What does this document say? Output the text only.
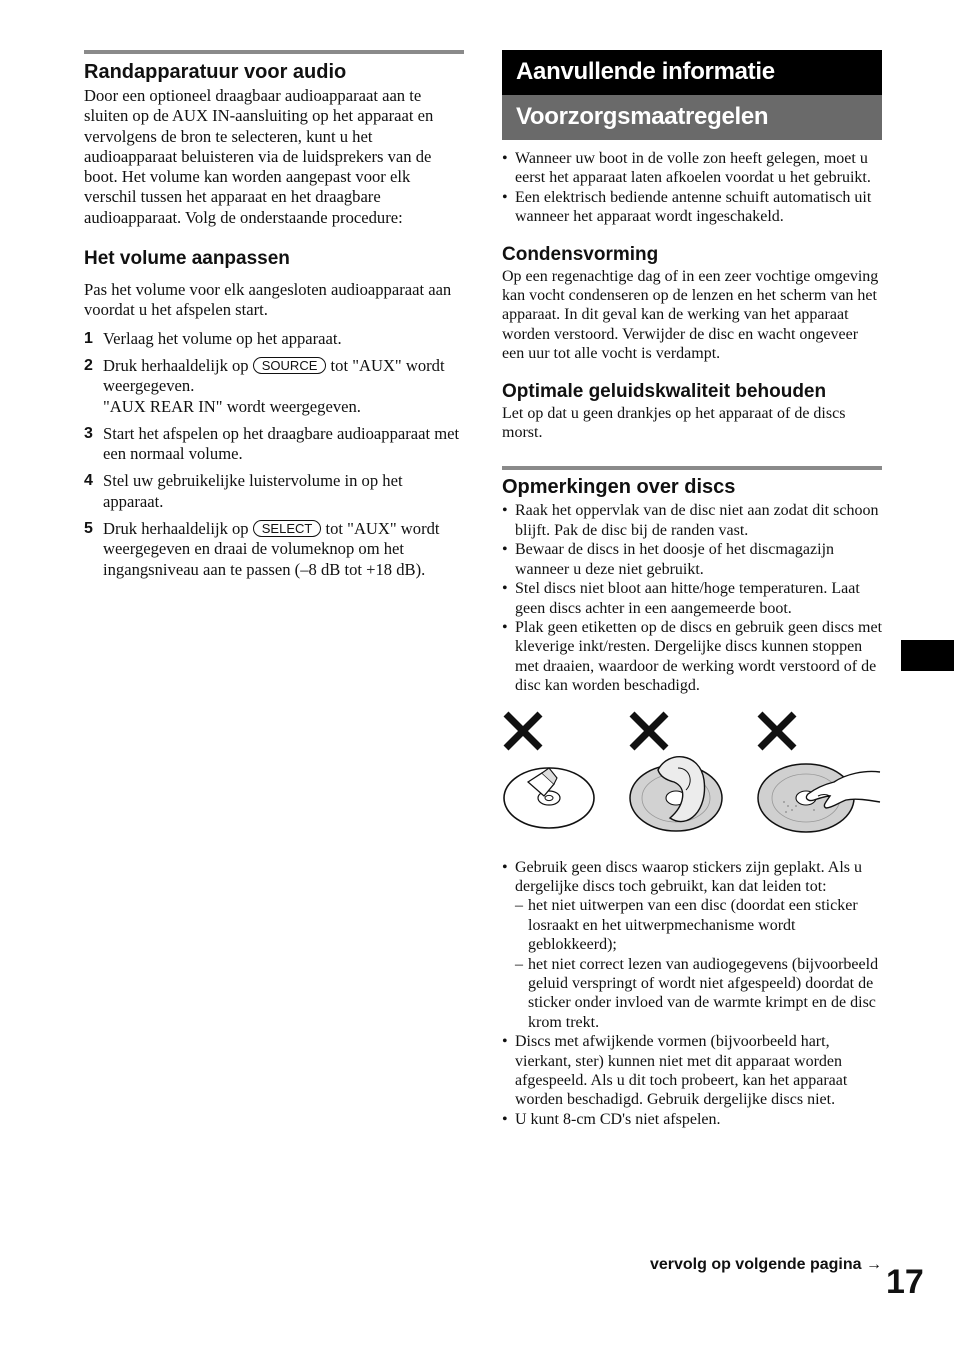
Randapparatuur voor audio

Door een optioneel draagbaar audioapparaat aan te sluiten op de AUX IN-aansluiting op het apparaat en vervolgens de bron te selecteren, kunt u het audioapparaat beluisteren via de luidsprekers van de boot. Het volume kan worden aangepast voor elk verschil tussen het apparaat en het draagbare audioapparaat. Volg de onderstaande procedure:

Het volume aanpassen

Pas het volume voor elk aangesloten audioapparaat aan voordat u het afspelen start.

1 Verlaag het volume op het apparaat.
2 Druk herhaaldelijk op SOURCE tot "AUX" wordt weergegeven.
"AUX REAR IN" wordt weergegeven.
3 Start het afspelen op het draagbare audioapparaat met een normaal volume.
4 Stel uw gebruikelijke luistervolume in op het apparaat.
5 Druk herhaaldelijk op SELECT tot "AUX" wordt weergegeven en draai de volumeknop om het ingangsniveau aan te passen (–8 dB tot +18 dB).
Aanvullende informatie
Voorzorgsmaatregelen
• Wanneer uw boot in de volle zon heeft gelegen, moet u eerst het apparaat laten afkoelen voordat u het gebruikt.
• Een elektrisch bediende antenne schuift automatisch uit wanneer het apparaat wordt ingeschakeld.
Condensvorming

Op een regenachtige dag of in een zeer vochtige omgeving kan vocht condenseren op de lenzen en het scherm van het apparaat. In dit geval kan de werking van het apparaat worden verstoord. Verwijder de disc en wacht ongeveer een uur tot alle vocht is verdampt.

Optimale geluidskwaliteit behouden

Let op dat u geen drankjes op het apparaat of de discs morst.

Opmerkingen over discs
• Raak het oppervlak van de disc niet aan zodat dit schoon blijft. Pak de disc bij de randen vast.
• Bewaar de discs in het doosje of het discmagazijn wanneer u deze niet gebruikt.
• Stel discs niet bloot aan hitte/hoge temperaturen. Laat geen discs achter in een aangemeerde boot.
• Plak geen etiketten op de discs en gebruik geen discs met kleverige inkt/resten. Dergelijke discs kunnen stoppen met draaien, waardoor de werking wordt verstoord of de disc kan worden beschadigd.
• Gebruik geen discs waarop stickers zijn geplakt. Als u dergelijke discs toch gebruikt, kan dat leiden tot:
– het niet uitwerpen van een disc (doordat een sticker losraakt en het uitwerpmechanisme wordt geblokkeerd);
– het niet correct lezen van audiogegevens (bijvoorbeeld geluid verspringt of wordt niet afgespeeld) doordat de sticker onder invloed van de warmte krimpt en de disc krom trekt.
• Discs met afwijkende vormen (bijvoorbeeld hart, vierkant, ster) kunnen niet met dit apparaat worden afgespeeld. Als u dit toch probeert, kan het apparaat worden beschadigd. Gebruik dergelijke discs niet.
• U kunt 8-cm CD's niet afspelen.
vervolg op volgende pagina → 17
